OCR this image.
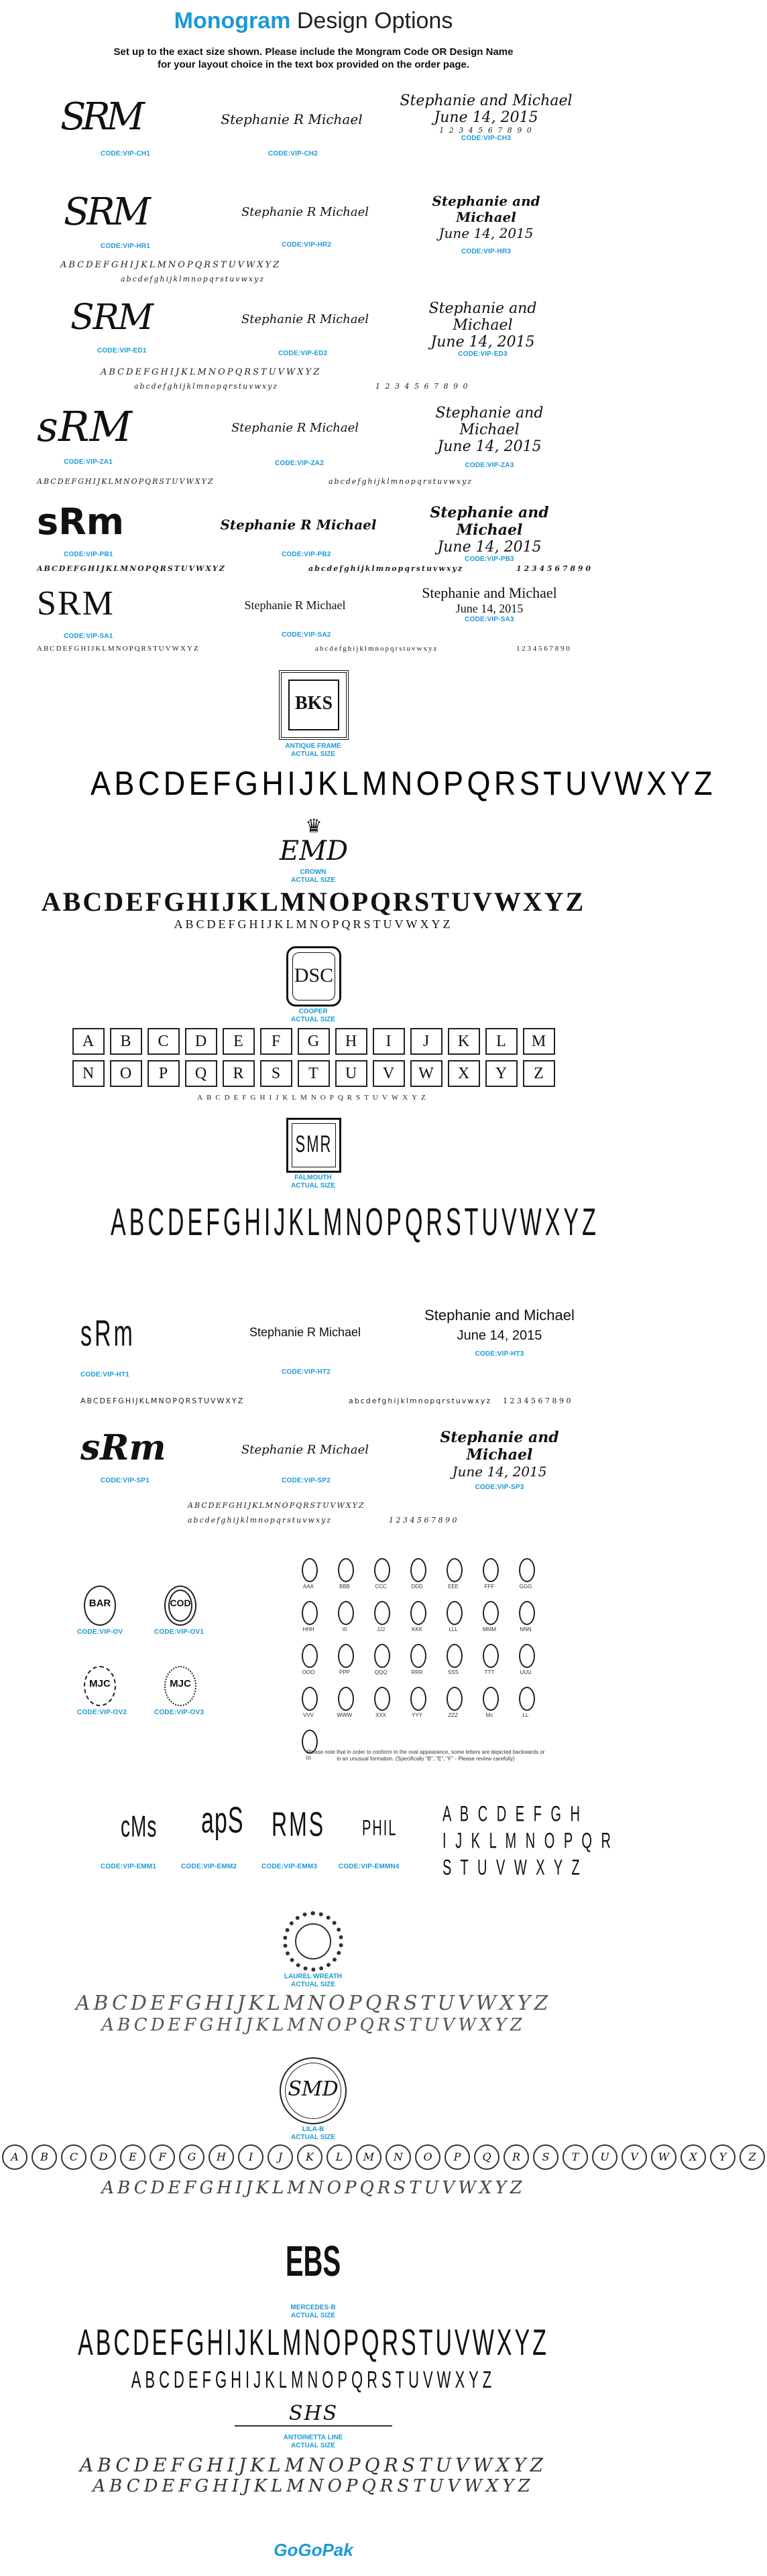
Monogram Design Options
Set up to the exact size shown. Please include the Mongram Code OR Design Name
for your layout choice in the text box provided on the order page.
SRM
CODE:VIP-CH1
Stephanie R Michael
CODE:VIP-CH2
Stephanie and Michael
June 14, 2015
1 2 3 4 5 6 7 8 9 0
CODE:VIP-CH3
SRM
CODE:VIP-HR1
Stephanie R Michael
CODE:VIP-HR2
Stephanie and Michael
June 14, 2015
CODE:VIP-HR3
ABCDEFGHIJKLMNOPQRSTUVWXYZ
abcdefghijklmnopqrstuvwxyz
SRM
CODE:VIP-ED1
Stephanie R Michael
CODE:VIP-ED2
Stephanie and Michael
June 14, 2015
CODE:VIP-ED3
ABCDEFGHIJKLMNOPQRSTUVWXYZ
abcdefghijklmnopqrstuvwxyz	1 2 3 4 5 6 7 8 9 0
sRM
CODE:VIP-ZA1
Stephanie R Michael
CODE:VIP-ZA2
Stephanie and Michael
June 14, 2015
CODE:VIP-ZA3
ABCDEFGHIJKLMNOPQRSTUVWXYZ	abcdefghijklmnopqrstuvwxyz
sRm
CODE:VIP-PB1
Stephanie R Michael
CODE:VIP-PB2
Stephanie and Michael
June 14, 2015
CODE:VIP-PB3
ABCDEFGHIJKLMNOPQRSTUVWXYZ	abcdefghijklmnopqrstuvwxyz	1 2 3 4 5 6 7 8 9 0
SRM
CODE:VIP-SA1
Stephanie R Michael
CODE:VIP-SA2
Stephanie and Michael
June 14, 2015
CODE:VIP-SA3
ABCDEFGHIJKLMNOPQRSTUVWXYZ	abcdefghijklmnopqrstuvwxyz	1 2 3 4 5 6 7 8 9 0
BKS
ANTIQUE FRAME
ACTUAL SIZE
ABCDEFGHIJKLMNOPQRSTUVWXYZ
♛
EMD
CROWN
ACTUAL SIZE
ABCDEFGHIJKLMNOPQRSTUVWXYZ
ABCDEFGHIJKLMNOPQRSTUVWXYZ
DSC
COOPER
ACTUAL SIZE
A B C D E F G H I J K L M
N O P Q R S T U V W X Y Z
ABCDEFGHIJKLMNOPQRSTUVWXYZ
SMR
FALMOUTH
ACTUAL SIZE
ABCDEFGHIJKLMNOPQRSTUVWXYZ
sRm
CODE:VIP-HT1
Stephanie R Michael
CODE:VIP-HT2
Stephanie and Michael
June 14, 2015
CODE:VIP-HT3
ABCDEFGHIJKLMNOPQRSTUVWXYZ	abcdefghijklmnopqrstuvwxyz 1 2 3 4 5 6 7 8 9 0
sRm
CODE:VIP-SP1
Stephanie R Michael
CODE:VIP-SP2
Stephanie and Michael
June 14, 2015
CODE:VIP-SP3
ABCDEFGHIJKLMNOPQRSTUVWXYZ
abcdefghijklmnopqrstuvwxyz	1 2 3 4 5 6 7 8 9 0
BAR
CODE:VIP-OV
COD
CODE:VIP-OV1
MJC
CODE:VIP-OV2
MJC
CODE:VIP-OV3
AAA	BBB	CCC	DDD	EEE	FFF	GGG
HHH	III	JJJ	KKK	LLL	MMM	NNN
OOO	PPP	QQQ	RRR	SSS	TTT	UUU
VVV	WWW	XXX	YYY	ZZZ	Mc	LL
III
Please note that in order to conform to the oval appearance, some letters are depicted backwards or in an unusual formation. (Specifically "B", "E", "F" - Please review carefully)
cMs
CODE:VIP-EMM1
apS
CODE:VIP-EMM2
RMS
CODE:VIP-EMM3
PHIL
CODE:VIP-EMMN4
A B C D E F G H
I J K L M N O P Q R
S T U V W X Y Z
LAUREL WREATH
ACTUAL SIZE
ABCDEFGHIJKLMNOPQRSTUVWXYZ
ABCDEFGHIJKLMNOPQRSTUVWXYZ
SMD
LILA-B
ACTUAL SIZE
A B C D E F G H I J K L M N O P Q R S T U V W X Y Z
ABCDEFGHIJKLMNOPQRSTUVWXYZ
EBS
MERCEDES-B
ACTUAL SIZE
ABCDEFGHIJKLMNOPQRSTUVWXYZ
ABCDEFGHIJKLMNOPQRSTUVWXYZ
SHS
ANTOINETTA LINE
ACTUAL SIZE
ABCDEFGHIJKLMNOPQRSTUVWXYZ
ABCDEFGHIJKLMNOPQRSTUVWXYZ
GoGoPak
